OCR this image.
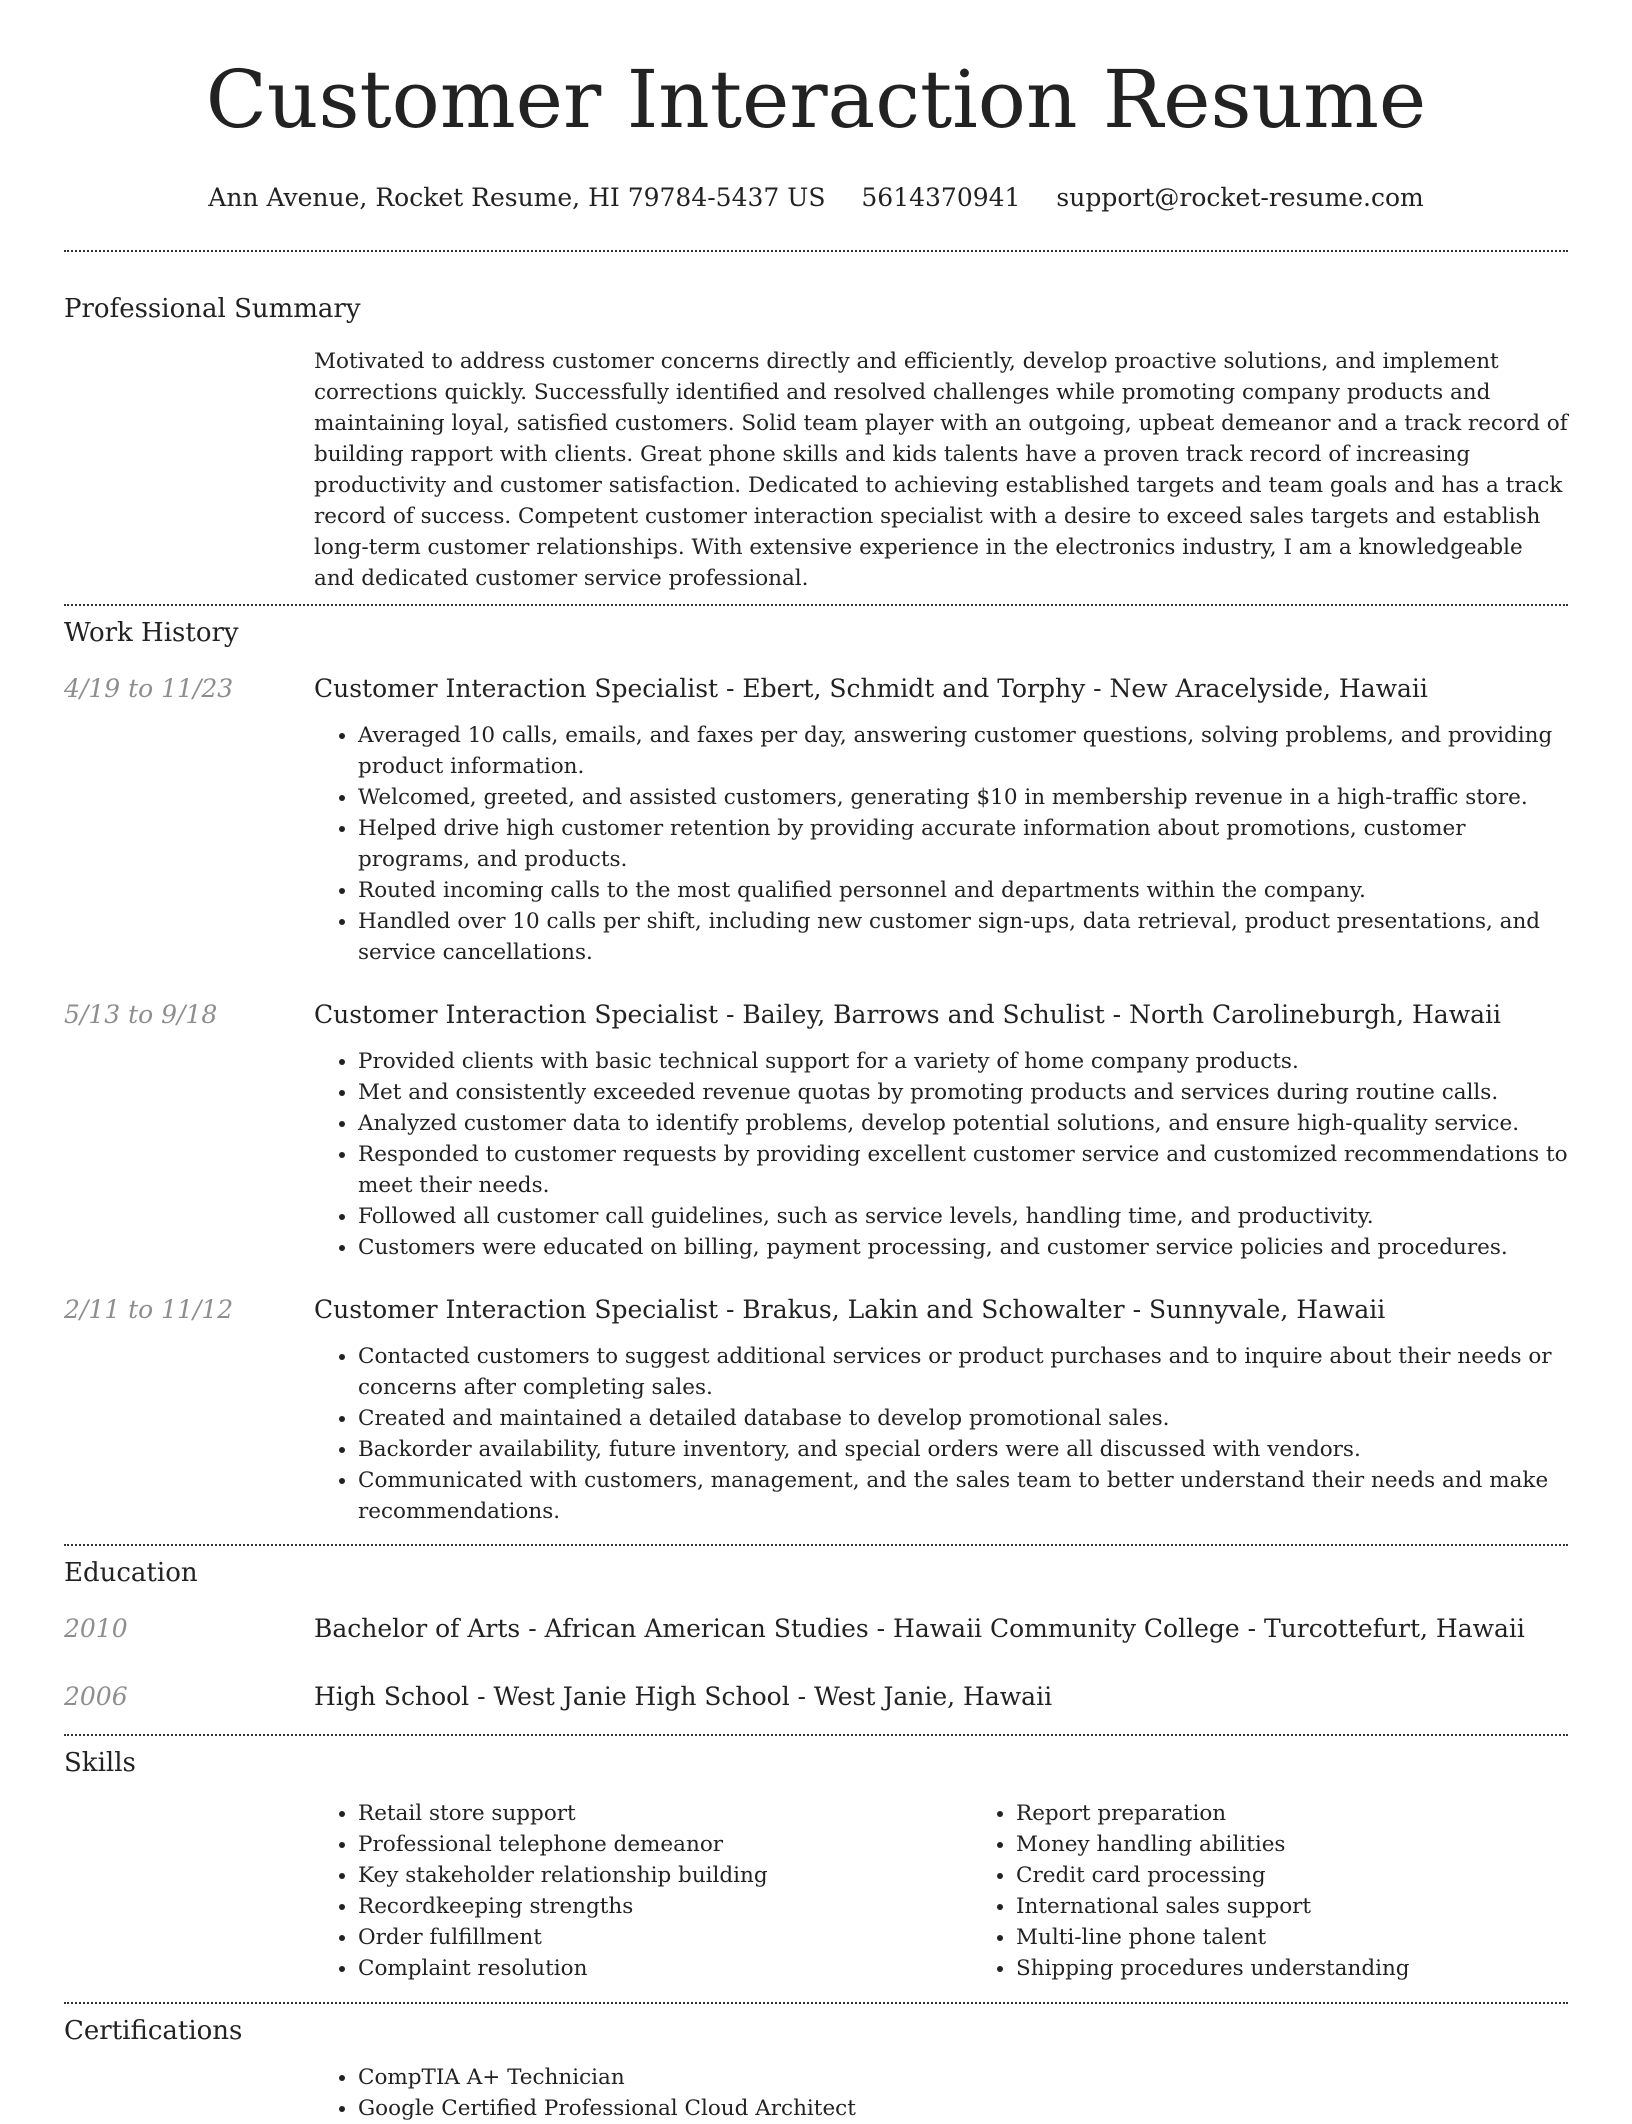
Customer Interaction Resume
Ann Avenue, Rocket Resume, HI 79784-5437 US 5614370941 support@rocket-resume.com
Professional Summary

Motivated to address customer concerns directly and efficiently, develop proactive solutions, and implement corrections quickly. Successfully identified and resolved challenges while promoting company products and maintaining loyal, satisfied customers. Solid team player with an outgoing, upbeat demeanor and a track record of building rapport with clients. Great phone skills and kids talents have a proven track record of increasing productivity and customer satisfaction. Dedicated to achieving established targets and team goals and has a track record of success. Competent customer interaction specialist with a desire to exceed sales targets and establish long-term customer relationships. With extensive experience in the electronics industry, I am a knowledgeable and dedicated customer service professional.

Work History
4/19 to 11/23	Customer Interaction Specialist - Ebert, Schmidt and Torphy - New Aracelyside, Hawaii
• Averaged 10 calls, emails, and faxes per day, answering customer questions, solving problems, and providing product information.
• Welcomed, greeted, and assisted customers, generating $10 in membership revenue in a high-traffic store.
• Helped drive high customer retention by providing accurate information about promotions, customer programs, and products.
• Routed incoming calls to the most qualified personnel and departments within the company.
• Handled over 10 calls per shift, including new customer sign-ups, data retrieval, product presentations, and service cancellations.
5/13 to 9/18	Customer Interaction Specialist - Bailey, Barrows and Schulist - North Carolineburgh, Hawaii
• Provided clients with basic technical support for a variety of home company products.
• Met and consistently exceeded revenue quotas by promoting products and services during routine calls.
• Analyzed customer data to identify problems, develop potential solutions, and ensure high-quality service.
• Responded to customer requests by providing excellent customer service and customized recommendations to meet their needs.
• Followed all customer call guidelines, such as service levels, handling time, and productivity.
• Customers were educated on billing, payment processing, and customer service policies and procedures.
2/11 to 11/12	Customer Interaction Specialist - Brakus, Lakin and Schowalter - Sunnyvale, Hawaii
• Contacted customers to suggest additional services or product purchases and to inquire about their needs or concerns after completing sales.
• Created and maintained a detailed database to develop promotional sales.
• Backorder availability, future inventory, and special orders were all discussed with vendors.
• Communicated with customers, management, and the sales team to better understand their needs and make recommendations.
Education
2010	Bachelor of Arts - African American Studies - Hawaii Community College - Turcottefurt, Hawaii
2006	High School - West Janie High School - West Janie, Hawaii
Skills
• Retail store support
• Professional telephone demeanor
• Key stakeholder relationship building
• Recordkeeping strengths
• Order fulfillment
• Complaint resolution
• Report preparation
• Money handling abilities
• Credit card processing
• International sales support
• Multi-line phone talent
• Shipping procedures understanding
Certifications
• CompTIA A+ Technician
• Google Certified Professional Cloud Architect
